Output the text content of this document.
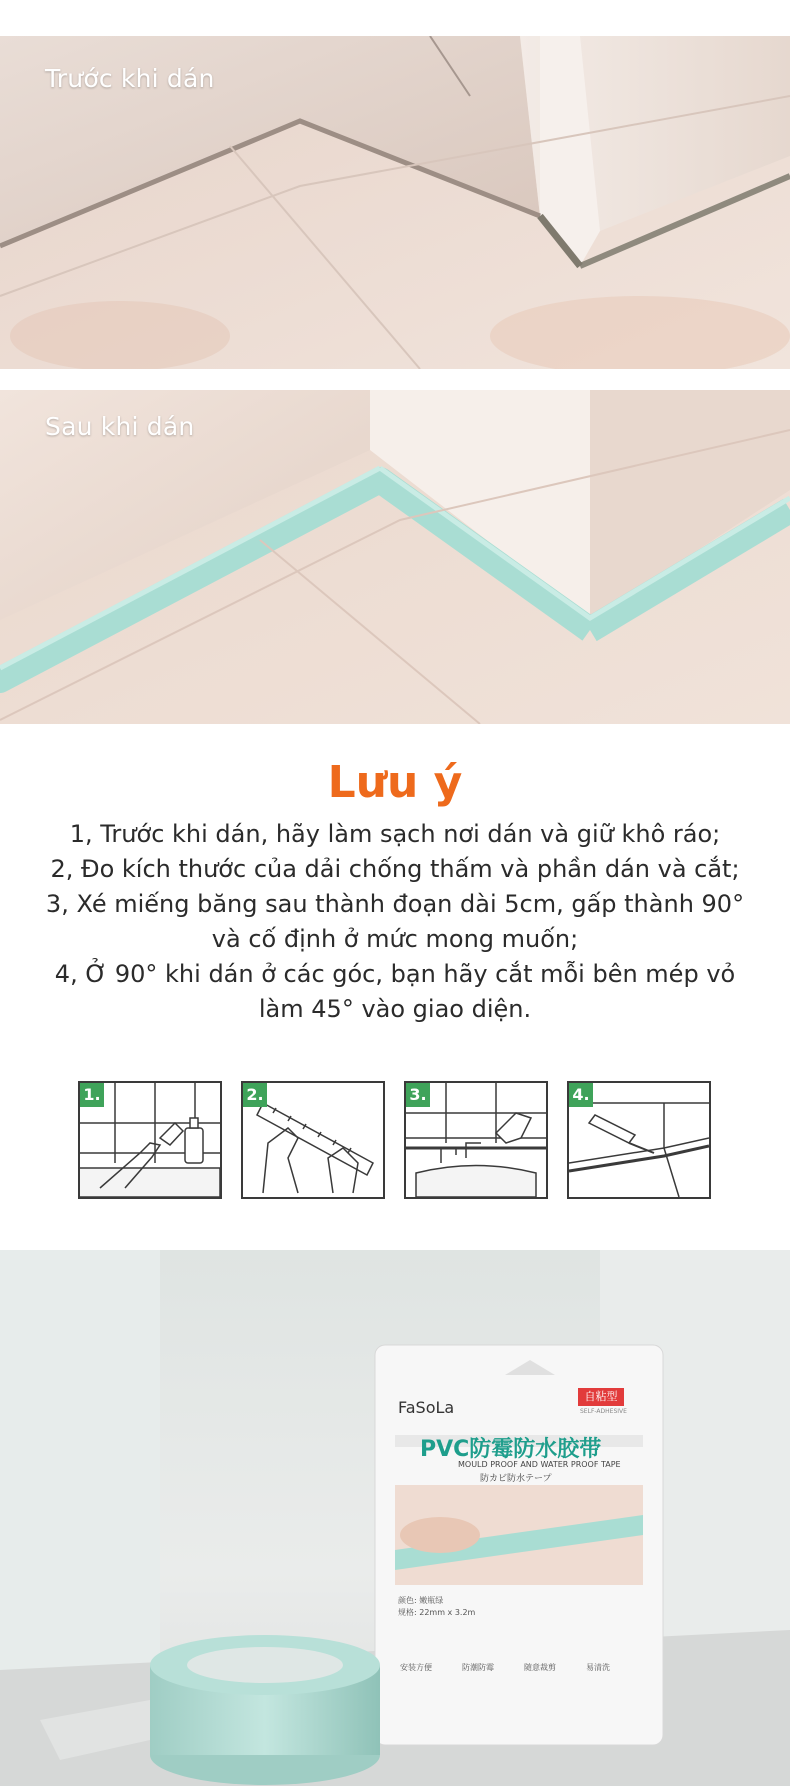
Trước khi dán
Sau khi dán
Lưu ý
1, Trước khi dán, hãy làm sạch nơi dán và giữ khô ráo;
2, Đo kích thước của dải chống thấm và phần dán và cắt;
3, Xé miếng băng sau thành đoạn dài 5cm, gấp thành 90°
và cố định ở mức mong muốn;
4, Ở 90° khi dán ở các góc, bạn hãy cắt mỗi bên mép vỏ
làm 45° vào giao diện.
1.	2.	3.	4.
FaSoLa
自粘型
SELF-ADHESIVE
PVC防霉防水胶带
MOULD PROOF AND WATER PROOF TAPE
防カビ防水テープ
颜色: 嫩瓶绿
规格: 22mm x 3.2m
安装方便	防潮防霉	随意裁剪	易清洗
